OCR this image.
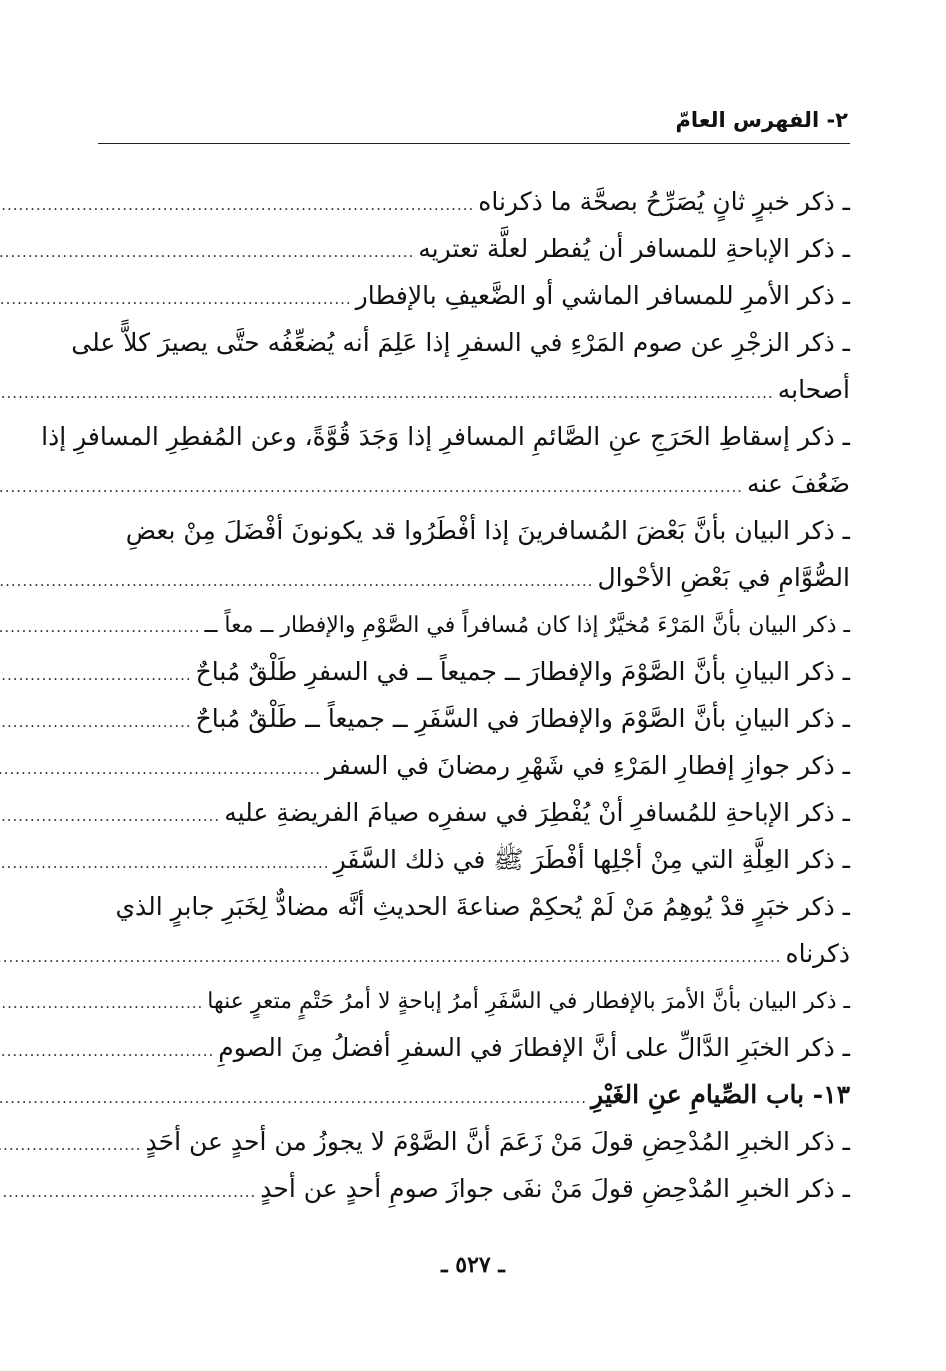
٢- الفهرس العامّ
ـ ذكر خبرٍ ثانٍ يُصَرِّحُ بصحَّة ما ذكرناه
.....
ـ ذكر الإباحةِ للمسافر أن يُفطر لعلَّة تعتريه
.....
ـ ذكر الأمرِ للمسافر الماشي أو الضَّعيفِ بالإفطار
.....
ـ ذكر الزجْرِ عن صوم المَرْءِ في السفرِ إذا عَلِمَ أنه يُضعِّفُه حتَّى يصيرَ كلاًّ على
أصحابه
.....
ـ ذكر إسقاطِ الحَرَجِ عنِ الصَّائمِ المسافرِ إذا وَجَدَ قُوَّةً، وعن المُفطِرِ المسافرِ إذا
ضَعُفَ عنه
.....
ـ ذكر البيان بأنَّ بَعْضَ المُسافرينَ إذا أفْطَرُوا قد يكونونَ أفْضَلَ مِنْ بعضِ
الصُّوَّامِ في بَعْضِ الأحْوال
.....
ـ ذكر البيان بأنَّ المَرْءَ مُخيَّرٌ إذا كان مُسافراً في الصَّوْمِ والإفطار ــ معاً ــ
.....
ـ ذكر البيانِ بأنَّ الصَّوْمَ والإفطارَ ــ جميعاً ــ في السفرِ طَلْقٌ مُباحٌ
.....
ـ ذكر البيانِ بأنَّ الصَّوْمَ والإفطارَ في السَّفَرِ ــ جميعاً ــ طَلْقٌ مُباحٌ
.....
ـ ذكر جوازِ إفطارِ المَرْءِ في شَهْرِ رمضانَ في السفر
.....
ـ ذكر الإباحةِ للمُسافرِ أنْ يُفْطِرَ في سفرِه صيامَ الفريضةِ عليه
.....
ـ ذكر العِلَّةِ التي مِنْ أجْلِها أفْطَرَ ﷺ في ذلك السَّفَرِ
.....
ـ ذكر خبَرٍ قدْ يُوهِمُ مَنْ لَمْ يُحكِمْ صناعةَ الحديثِ أنَّه مضادٌّ لِخَبَرِ جابرٍ الذي
ذكرناه
.....
ـ ذكر البيان بأنَّ الأمرَ بالإفطار في السَّفَرِ أمرُ إباحةٍ لا أمرُ حَتْمٍ متعرٍ عنها
.....
ـ ذكر الخبَرِ الدَّالِّ على أنَّ الإفطارَ في السفرِ أفضلُ مِنَ الصومِ
.....
١٣- باب الصِّيامِ عنِ الغَيْرِ
.....
ـ ذكر الخبرِ المُدْحِضِ قولَ مَنْ زَعَمَ أنَّ الصَّوْمَ لا يجوزُ من أحدٍ عن أحَدٍ
.....
ـ ذكر الخبرِ المُدْحِضِ قولَ مَنْ نفَى جوازَ صومِ أحدٍ عن أحدٍ
.....
ـ ٥٢٧ ـ
